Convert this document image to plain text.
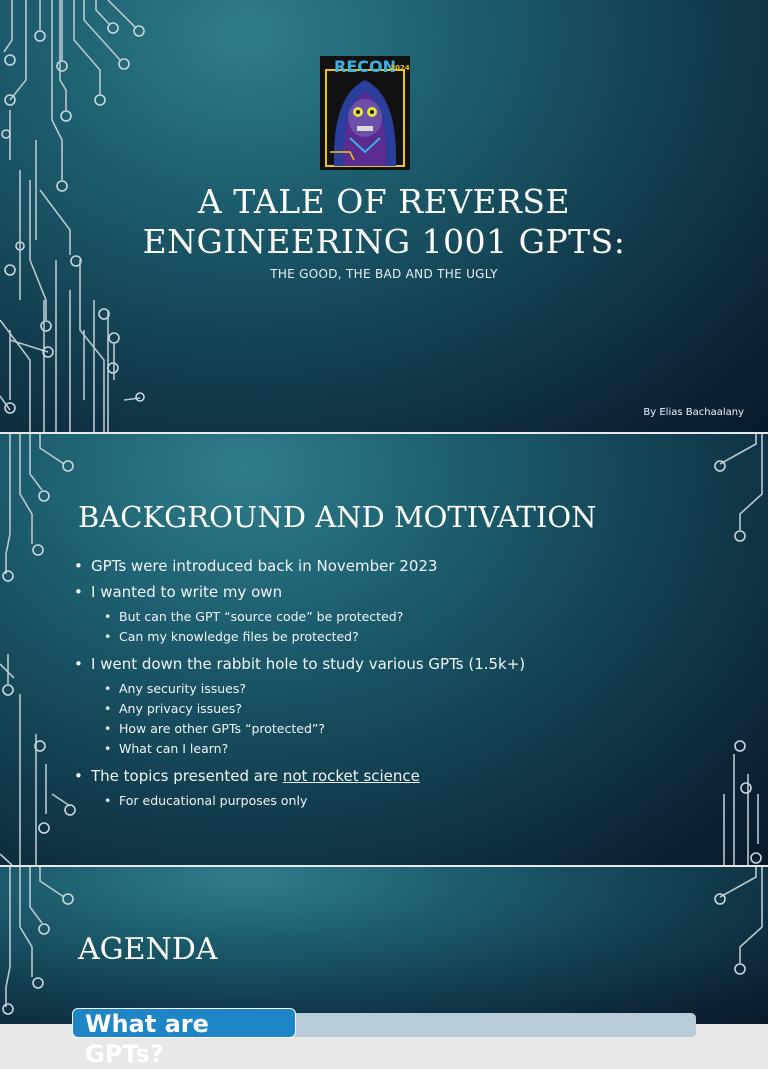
RECON
2024
A TALE OF REVERSE
ENGINEERING 1001 GPTS:
THE GOOD, THE BAD AND THE UGLY
By Elias Bachaalany
BACKGROUND AND MOTIVATION
• GPTs were introduced back in November 2023
• I wanted to write my own
• But can the GPT “source code” be protected?
• Can my knowledge files be protected?
• I went down the rabbit hole to study various GPTs (1.5k+)
• Any security issues?
• Any privacy issues?
• How are other GPTs “protected”?
• What can I learn?
• The topics presented are not rocket science
• For educational purposes only
AGENDA
What are GPTs?
